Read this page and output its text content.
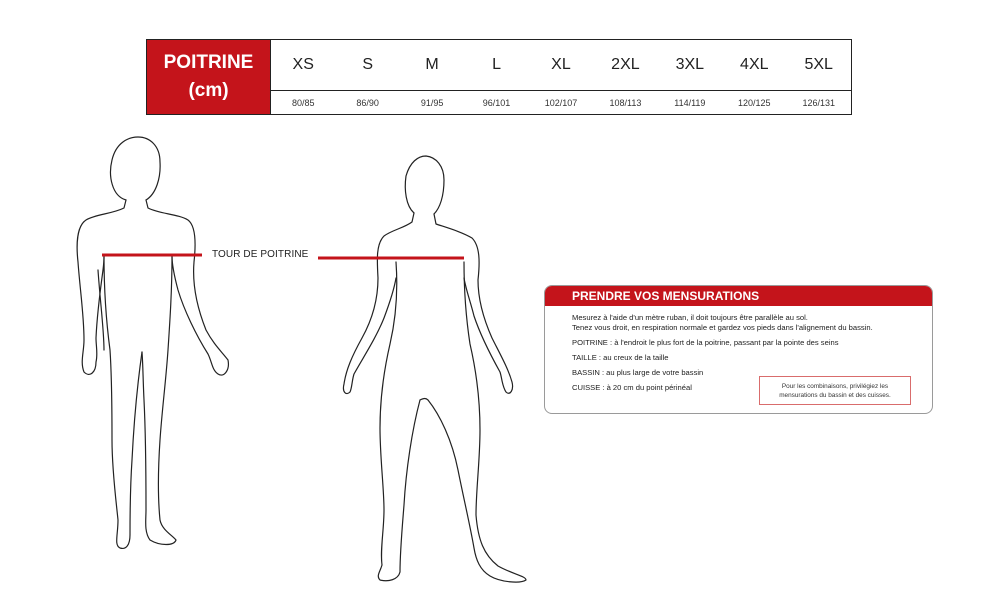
POITRINE
(cm)
XS	S	M	L	XL	2XL	3XL	4XL	5XL
80/85	86/90	91/95	96/101	102/107	108/113	114/119	120/125	126/131
TOUR DE POITRINE
PRENDRE VOS MENSURATIONS
Mesurez à l'aide d'un mètre ruban, il doit toujours être parallèle au sol.
Tenez vous droit, en respiration normale et gardez vos pieds dans l'alignement du bassin.
POITRINE : à l'endroit le plus fort de la poitrine, passant par la pointe des seins
TAILLE : au creux de la taille
BASSIN : au plus large de votre bassin
CUISSE : à 20 cm du point périnéal	Pour les combinaisons, privilégiez les
mensurations du bassin et des cuisses.
